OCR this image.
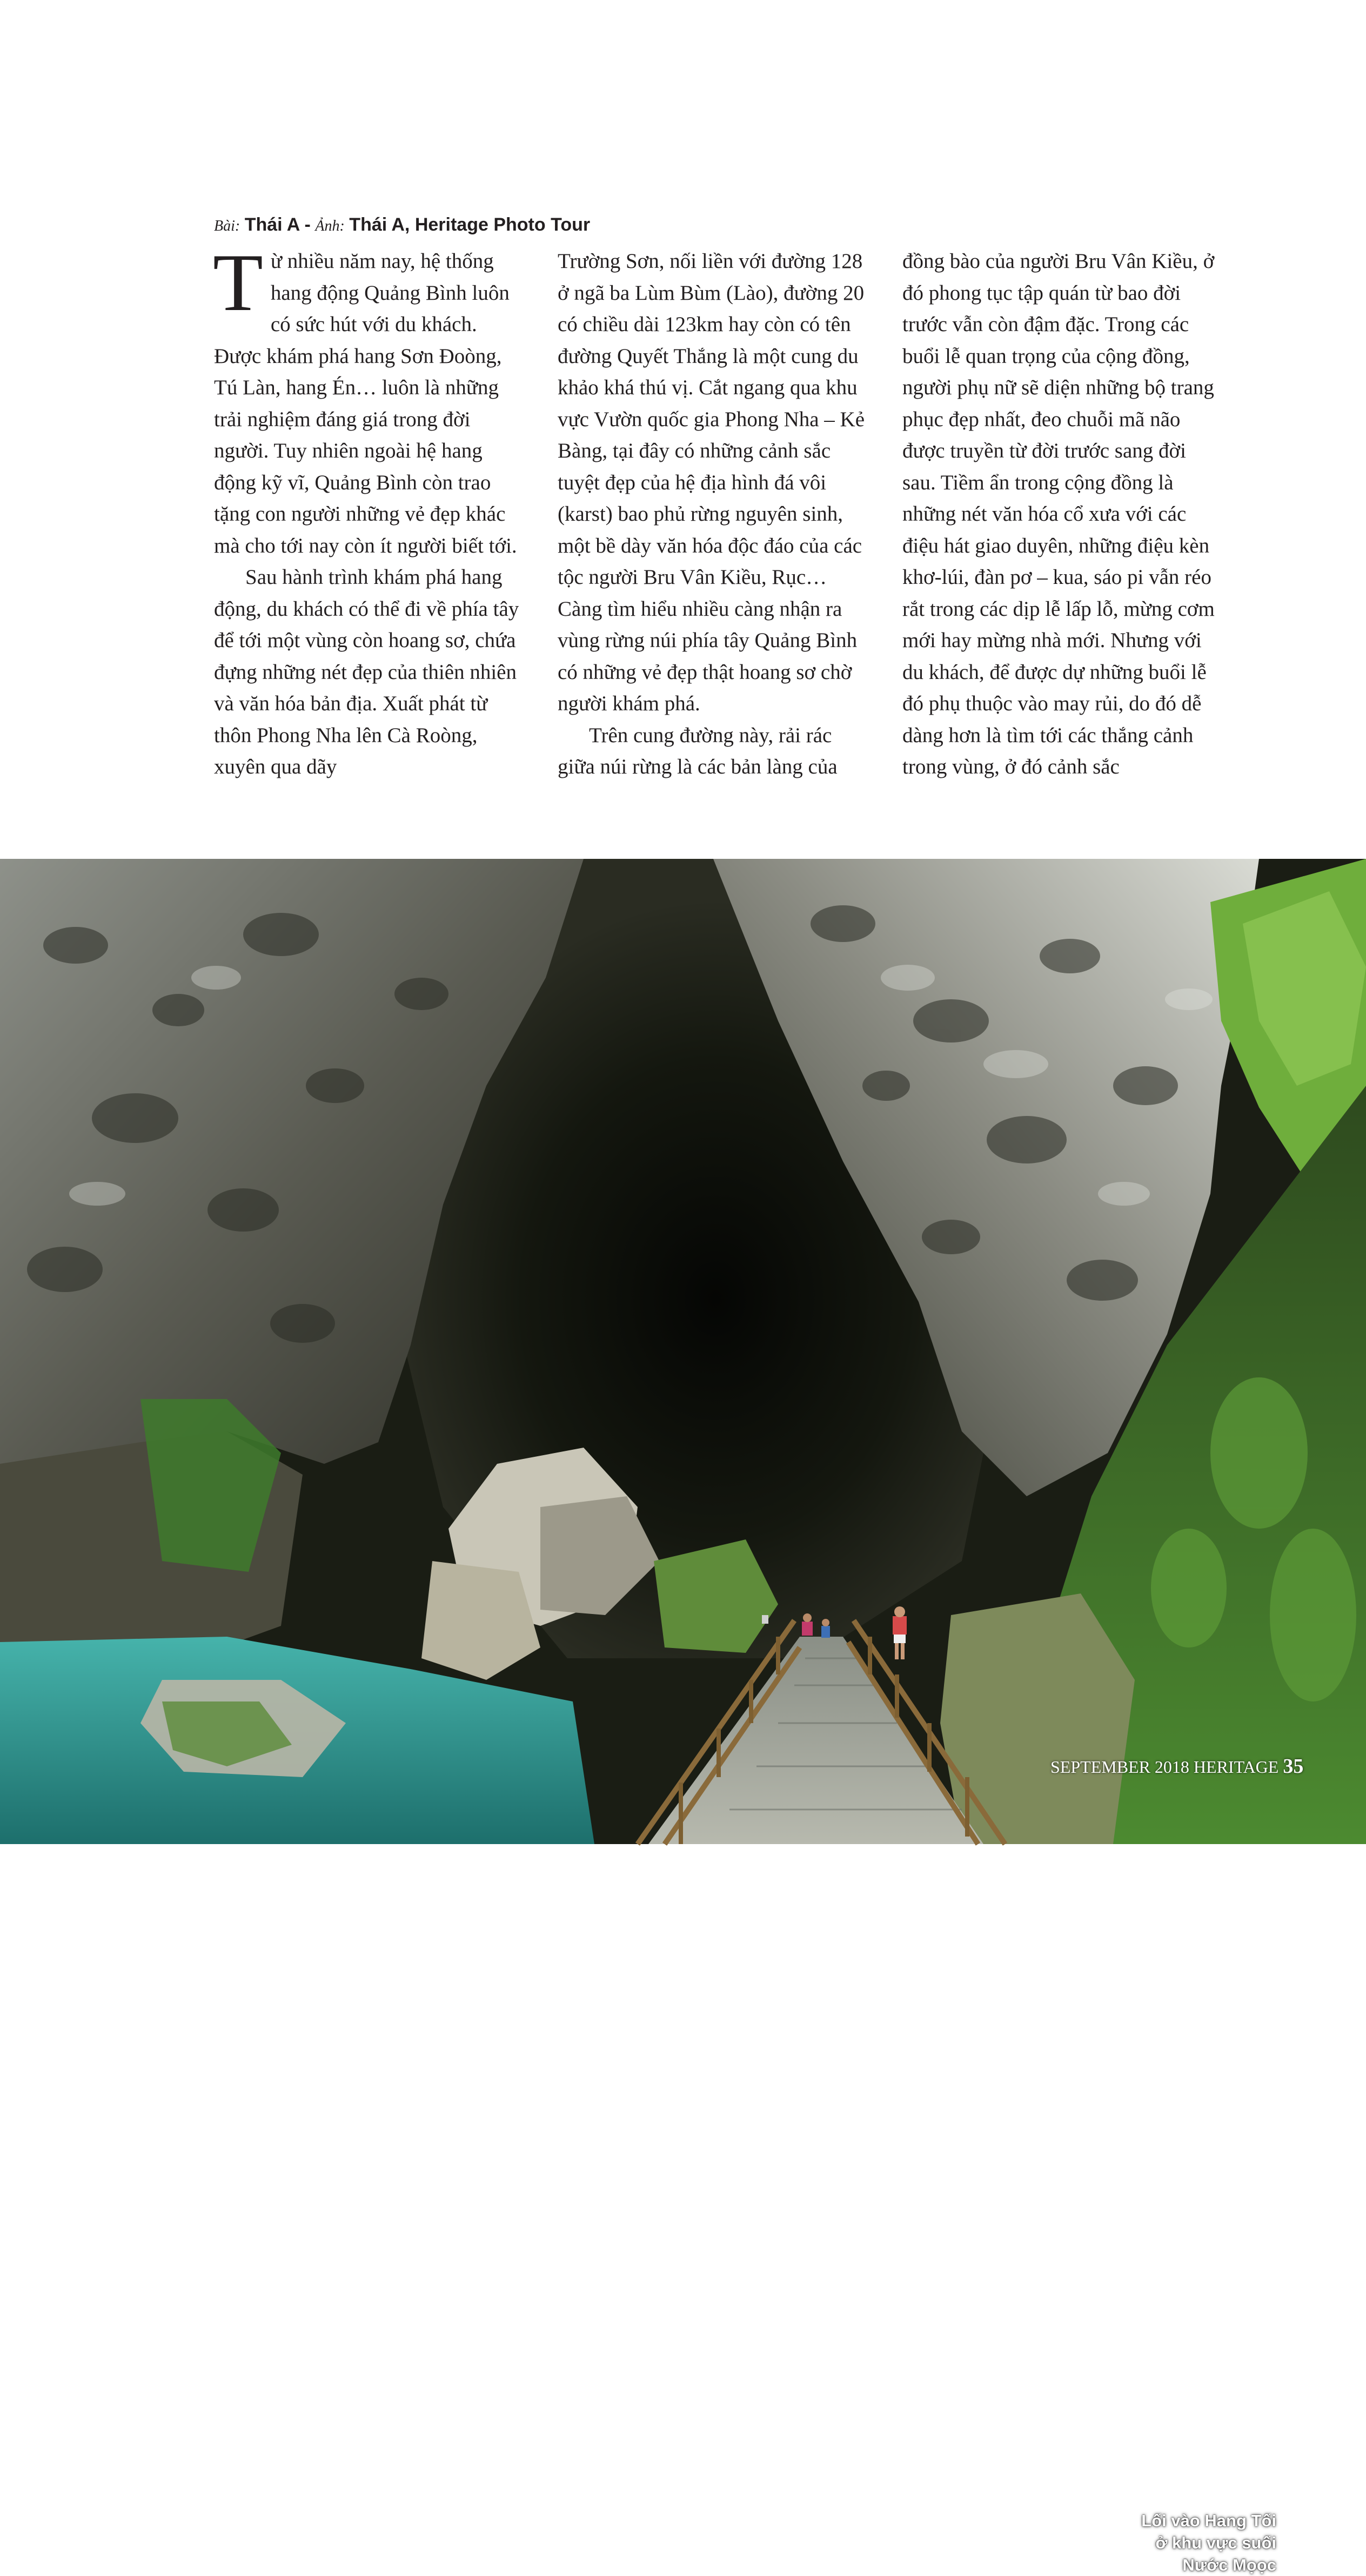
Bài: Thái A - Ảnh: Thái A, Heritage Photo Tour

Từ nhiều năm nay, hệ thống hang động Quảng Bình luôn có sức hút với du khách. Được khám phá hang Sơn Đoòng, Tú Làn, hang Én… luôn là những trải nghiệm đáng giá trong đời người. Tuy nhiên ngoài hệ hang động kỹ vĩ, Quảng Bình còn trao tặng con người những vẻ đẹp khác mà cho tới nay còn ít người biết tới.

Sau hành trình khám phá hang động, du khách có thể đi về phía tây để tới một vùng còn hoang sơ, chứa đựng những nét đẹp của thiên nhiên và văn hóa bản địa. Xuất phát từ thôn Phong Nha lên Cà Roòng, xuyên qua dãy

Trường Sơn, nối liền với đường 128 ở ngã ba Lùm Bùm (Lào), đường 20 có chiều dài 123km hay còn có tên đường Quyết Thắng là một cung du khảo khá thú vị. Cắt ngang qua khu vực Vườn quốc gia Phong Nha – Kẻ Bàng, tại đây có những cảnh sắc tuyệt đẹp của hệ địa hình đá vôi (karst) bao phủ rừng nguyên sinh, một bề dày văn hóa độc đáo của các tộc người Bru Vân Kiều, Rục… Càng tìm hiểu nhiều càng nhận ra vùng rừng núi phía tây Quảng Bình có những vẻ đẹp thật hoang sơ chờ người khám phá.

Trên cung đường này, rải rác giữa núi rừng là các bản làng của

đồng bào của người Bru Vân Kiều, ở đó phong tục tập quán từ bao đời trước vẫn còn đậm đặc. Trong các buổi lễ quan trọng của cộng đồng, người phụ nữ sẽ diện những bộ trang phục đẹp nhất, đeo chuỗi mã não được truyền từ đời trước sang đời sau. Tiềm ẩn trong cộng đồng là những nét văn hóa cổ xưa với các điệu hát giao duyên, những điệu kèn khơ-lúi, đàn pơ – kua, sáo pi vẫn réo rắt trong các dịp lễ lấp lỗ, mừng cơm mới hay mừng nhà mới. Nhưng với du khách, để được dự những buổi lễ đó phụ thuộc vào may rủi, do đó dễ dàng hơn là tìm tới các thắng cảnh trong vùng, ở đó cảnh sắc

Lối vào Hang Tối
ở khu vực suối
Nước Mọọc
SEPTEMBER 2018 HERITAGE 35
